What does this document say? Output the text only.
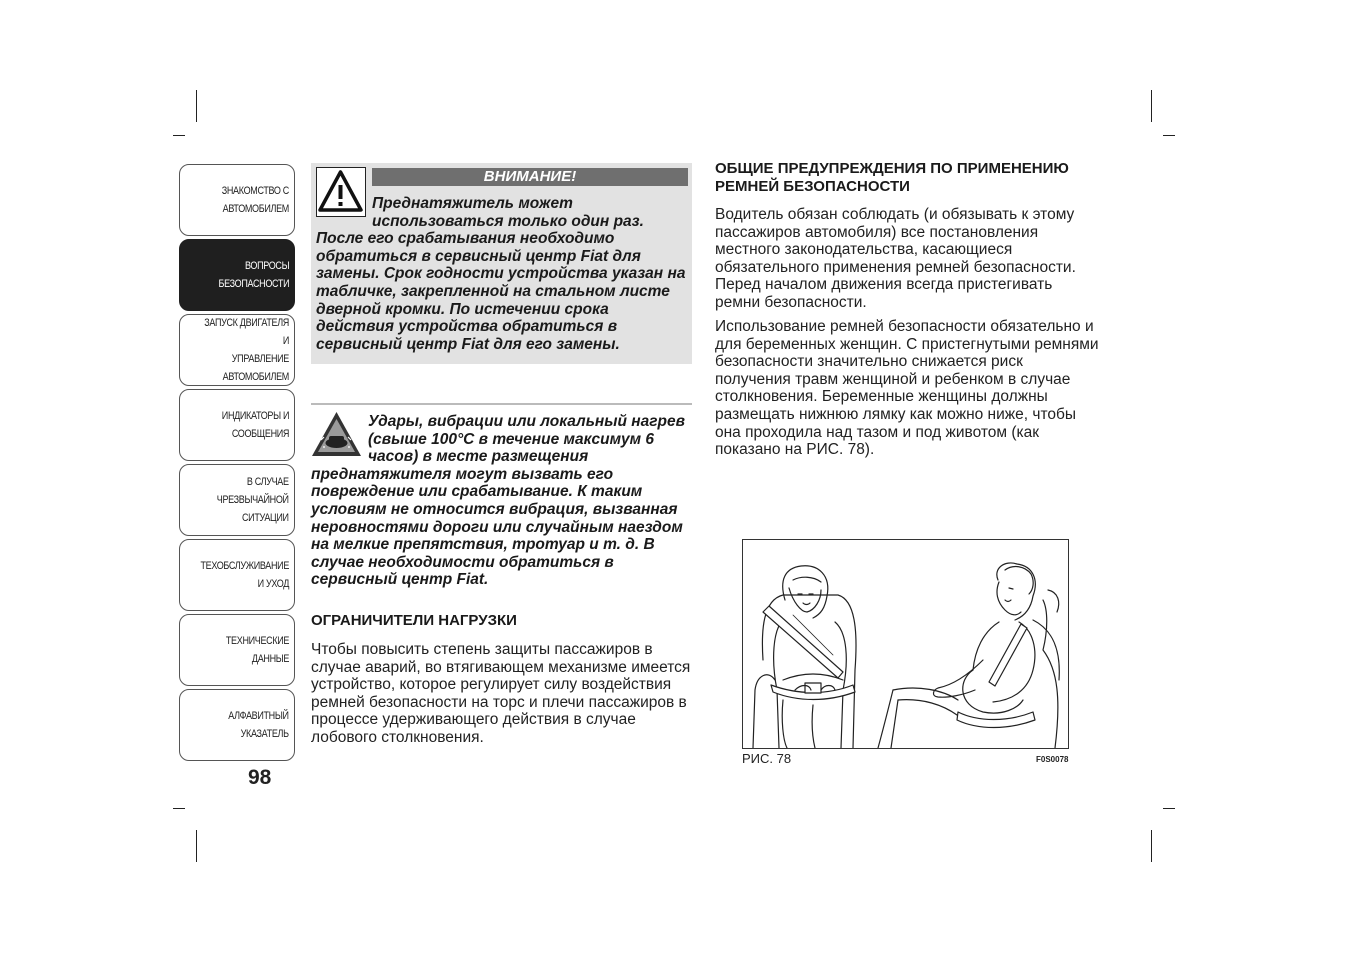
ЗНАКОМСТВО С
АВТОМОБИЛЕМ
ВОПРОСЫ
БЕЗОПАСНОСТИ
ЗАПУСК ДВИГАТЕЛЯ И
УПРАВЛЕНИЕ
АВТОМОБИЛЕМ
ИНДИКАТОРЫ И
СООБЩЕНИЯ
В СЛУЧАЕ
ЧРЕЗВЫЧАЙНОЙ
СИТУАЦИИ
ТЕХОБСЛУЖИВАНИЕ
И УХОД
ТЕХНИЧЕСКИЕ
ДАННЫЕ
АЛФАВИТНЫЙ
УКАЗАТЕЛЬ
98
ВНИМАНИЕ!
Преднатяжитель может использоваться только один раз.
После его срабатывания необходимо обратиться в сервисный центр Fiat для замены. Срок годности устройства указан на табличке, закрепленной на стальном листе дверной кромки. По истечении срока действия устройства обратиться в сервисный центр Fiat для его замены.
Удары, вибрации или локальный нагрев (свыше 100°С в течение максимум 6 часов) в месте размещения
преднатяжителя могут вызвать его повреждение или срабатывание. К таким условиям не относится вибрация, вызванная неровностями дороги или случайным наездом на мелкие препятствия, тротуар и т. д. В случае необходимости обратиться в сервисный центр Fiat.
ОГРАНИЧИТЕЛИ НАГРУЗКИ
Чтобы повысить степень защиты пассажиров в случае аварий, во втягивающем механизме имеется устройство, которое регулирует силу воздействия ремней безопасности на торс и плечи пассажиров в процессе удерживающего действия в случае лобового столкновения.
ОБЩИЕ ПРЕДУПРЕЖДЕНИЯ ПО ПРИМЕНЕНИЮ РЕМНЕЙ БЕЗОПАСНОСТИ
Водитель обязан соблюдать (и обязывать к этому пассажиров автомобиля) все постановления местного законодательства, касающиеся обязательного применения ремней безопасности. Перед началом движения всегда пристегивать ремни безопасности.
Использование ремней безопасности обязательно и для беременных женщин. С пристегнутыми ремнями безопасности значительно снижается риск получения травм женщиной и ребенком в случае столкновения. Беременные женщины должны размещать нижнюю лямку как можно ниже, чтобы она проходила над тазом и под животом (как показано на РИС. 78).
РИС. 78	F0S0078
